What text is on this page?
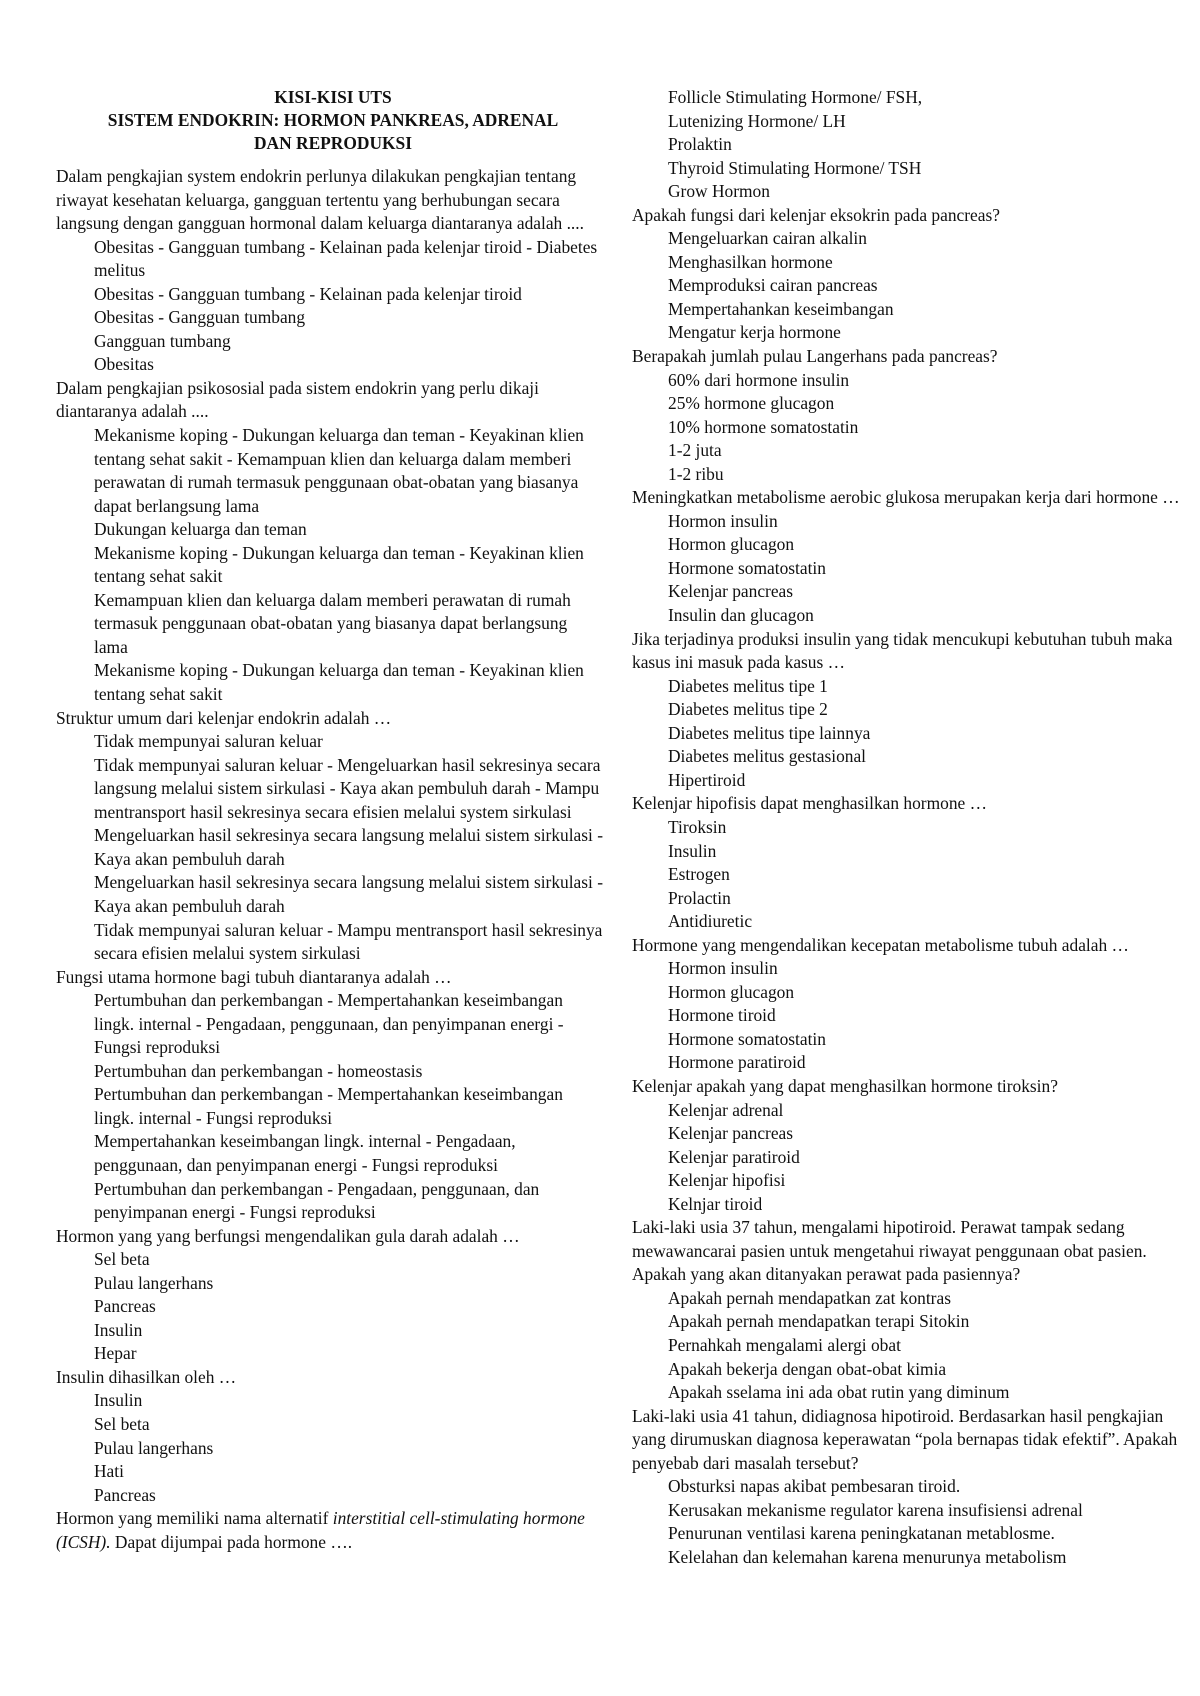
KISI-KISI UTS
SISTEM ENDOKRIN: HORMON PANKREAS, ADRENAL
DAN REPRODUKSI
Dalam pengkajian system endokrin perlunya dilakukan pengkajian tentang riwayat kesehatan keluarga, gangguan tertentu yang berhubungan secara langsung dengan gangguan hormonal dalam keluarga diantaranya adalah ....
Obesitas - Gangguan tumbang - Kelainan pada kelenjar tiroid - Diabetes melitus
Obesitas - Gangguan tumbang - Kelainan pada kelenjar tiroid
Obesitas - Gangguan tumbang
Gangguan tumbang
Obesitas
Dalam pengkajian psikososial pada sistem endokrin yang perlu dikaji diantaranya adalah ....
Mekanisme koping - Dukungan keluarga dan teman - Keyakinan klien tentang sehat sakit - Kemampuan klien dan keluarga dalam memberi perawatan di rumah termasuk penggunaan obat-obatan yang biasanya dapat berlangsung lama
Dukungan keluarga dan teman
Mekanisme koping - Dukungan keluarga dan teman - Keyakinan klien tentang sehat sakit
Kemampuan klien dan keluarga dalam memberi perawatan di rumah termasuk penggunaan obat-obatan yang biasanya dapat berlangsung lama
Mekanisme koping - Dukungan keluarga dan teman - Keyakinan klien tentang sehat sakit
Struktur umum dari kelenjar endokrin adalah …
Tidak mempunyai saluran keluar
Tidak mempunyai saluran keluar - Mengeluarkan hasil sekresinya secara langsung melalui sistem sirkulasi - Kaya akan pembuluh darah - Mampu mentransport hasil sekresinya secara efisien melalui system sirkulasi
Mengeluarkan hasil sekresinya secara langsung melalui sistem sirkulasi - Kaya akan pembuluh darah
Mengeluarkan hasil sekresinya secara langsung melalui sistem sirkulasi - Kaya akan pembuluh darah
Tidak mempunyai saluran keluar - Mampu mentransport hasil sekresinya secara efisien melalui system sirkulasi
Fungsi utama hormone bagi tubuh diantaranya adalah …
Pertumbuhan dan perkembangan - Mempertahankan keseimbangan lingk. internal - Pengadaan, penggunaan, dan penyimpanan energi - Fungsi reproduksi
Pertumbuhan dan perkembangan - homeostasis
Pertumbuhan dan perkembangan - Mempertahankan keseimbangan lingk. internal - Fungsi reproduksi
Mempertahankan keseimbangan lingk. internal - Pengadaan, penggunaan, dan penyimpanan energi - Fungsi reproduksi
Pertumbuhan dan perkembangan - Pengadaan, penggunaan, dan penyimpanan energi - Fungsi reproduksi
Hormon yang yang berfungsi mengendalikan gula darah adalah …
Sel beta
Pulau langerhans
Pancreas
Insulin
Hepar
Insulin dihasilkan oleh …
Insulin
Sel beta
Pulau langerhans
Hati
Pancreas
Hormon yang memiliki nama alternatif interstitial cell-stimulating hormone (ICSH). Dapat dijumpai pada hormone ….
Follicle Stimulating Hormone/ FSH,
Lutenizing Hormone/ LH
Prolaktin
Thyroid Stimulating Hormone/ TSH
Grow Hormon
Apakah fungsi dari kelenjar eksokrin pada pancreas?
Mengeluarkan cairan alkalin
Menghasilkan hormone
Memproduksi cairan pancreas
Mempertahankan keseimbangan
Mengatur kerja hormone
Berapakah jumlah pulau Langerhans pada pancreas?
60% dari hormone insulin
25% hormone glucagon
10% hormone somatostatin
1-2 juta
1-2 ribu
Meningkatkan metabolisme aerobic glukosa merupakan kerja dari hormone …
Hormon insulin
Hormon glucagon
Hormone somatostatin
Kelenjar pancreas
Insulin dan glucagon
Jika terjadinya produksi insulin yang tidak mencukupi kebutuhan tubuh maka kasus ini masuk pada kasus …
Diabetes melitus tipe 1
Diabetes melitus tipe 2
Diabetes melitus tipe lainnya
Diabetes melitus gestasional
Hipertiroid
Kelenjar hipofisis dapat menghasilkan hormone …
Tiroksin
Insulin
Estrogen
Prolactin
Antidiuretic
Hormone yang mengendalikan kecepatan metabolisme tubuh adalah …
Hormon insulin
Hormon glucagon
Hormone tiroid
Hormone somatostatin
Hormone paratiroid
Kelenjar apakah yang dapat menghasilkan hormone tiroksin?
Kelenjar adrenal
Kelenjar pancreas
Kelenjar paratiroid
Kelenjar hipofisi
Kelnjar tiroid
Laki-laki usia 37 tahun, mengalami hipotiroid. Perawat tampak sedang mewawancarai pasien untuk mengetahui riwayat penggunaan obat pasien. Apakah yang akan ditanyakan perawat pada pasiennya?
Apakah pernah mendapatkan zat kontras
Apakah pernah mendapatkan terapi Sitokin
Pernahkah mengalami alergi obat
Apakah bekerja dengan obat-obat kimia
Apakah sselama ini ada obat rutin yang diminum
Laki-laki usia 41 tahun, didiagnosa hipotiroid. Berdasarkan hasil pengkajian yang dirumuskan diagnosa keperawatan “pola bernapas tidak efektif”. Apakah penyebab dari masalah tersebut?
Obsturksi napas akibat pembesaran tiroid.
Kerusakan mekanisme regulator karena insufisiensi adrenal
Penurunan ventilasi karena peningkatanan metablosme.
Kelelahan dan kelemahan karena menurunya metabolism
